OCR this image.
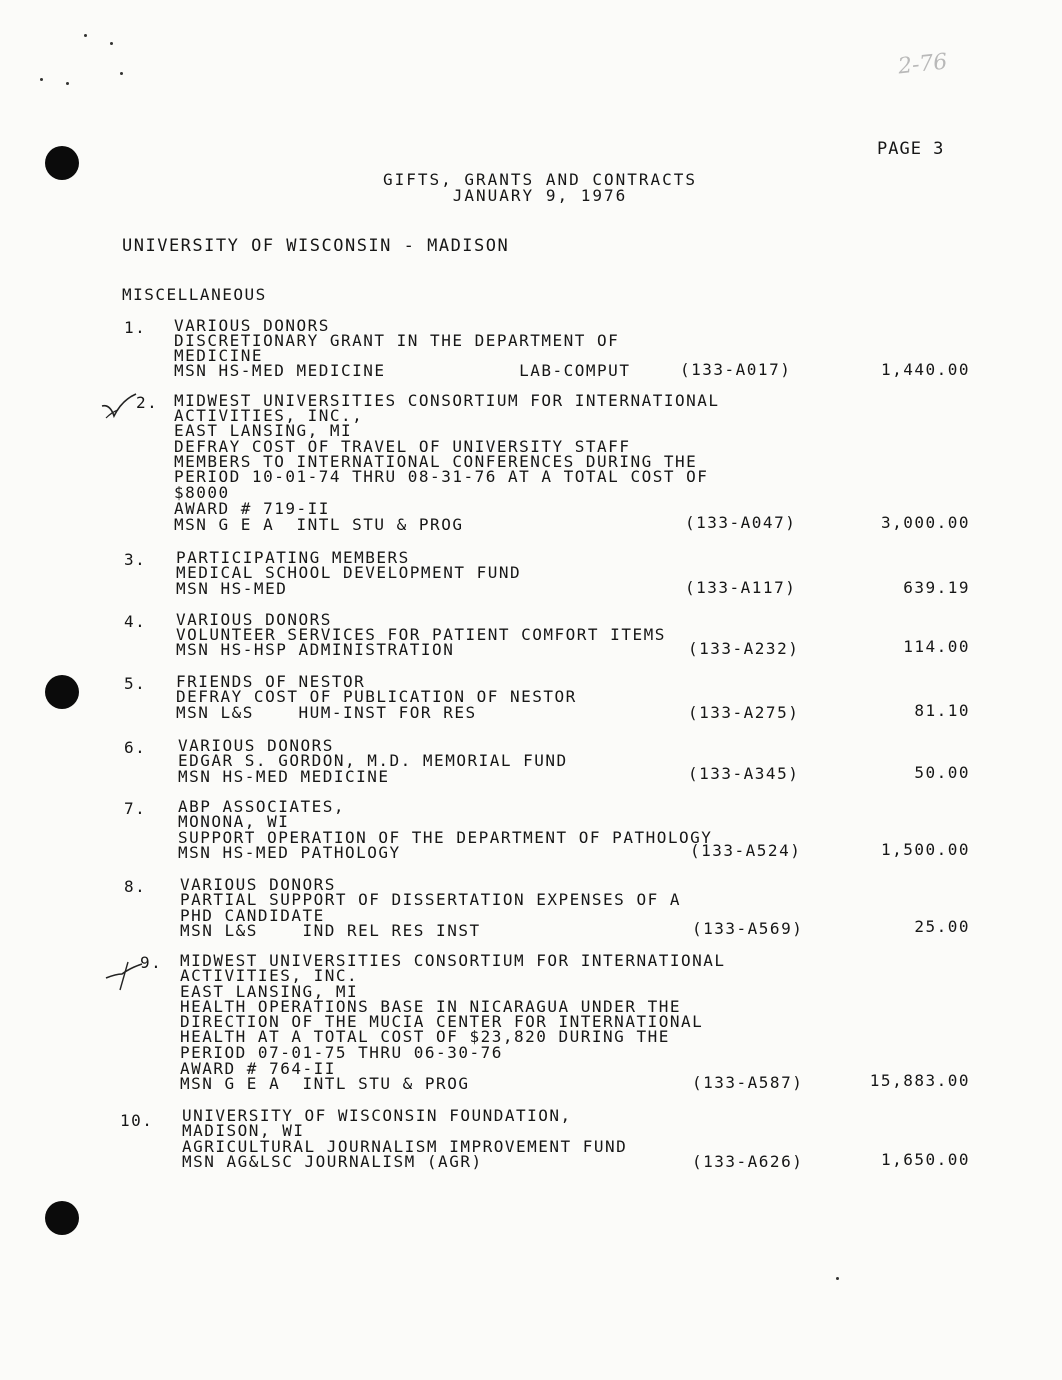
2-76
PAGE 3
GIFTS, GRANTS AND CONTRACTS
JANUARY 9, 1976
UNIVERSITY OF WISCONSIN - MADISON
MISCELLANEOUS
1. VARIOUS DONORS
DISCRETIONARY GRANT IN THE DEPARTMENT OF
MEDICINE
MSN HS-MED MEDICINE            LAB-COMPUT	(133-A017)	1,440.00
2. MIDWEST UNIVERSITIES CONSORTIUM FOR INTERNATIONAL
ACTIVITIES, INC.,
EAST LANSING, MI
DEFRAY COST OF TRAVEL OF UNIVERSITY STAFF
MEMBERS TO INTERNATIONAL CONFERENCES DURING THE
PERIOD 10-01-74 THRU 08-31-76 AT A TOTAL COST OF
$8000
AWARD # 719-II
MSN G E A  INTL STU & PROG	(133-A047)	3,000.00
3. PARTICIPATING MEMBERS
MEDICAL SCHOOL DEVELOPMENT FUND
MSN HS-MED	(133-A117)	639.19
4. VARIOUS DONORS
VOLUNTEER SERVICES FOR PATIENT COMFORT ITEMS
MSN HS-HSP ADMINISTRATION	(133-A232)	114.00
5. FRIENDS OF NESTOR
DEFRAY COST OF PUBLICATION OF NESTOR
MSN L&S    HUM-INST FOR RES	(133-A275)	81.10
6. VARIOUS DONORS
EDGAR S. GORDON, M.D. MEMORIAL FUND
MSN HS-MED MEDICINE	(133-A345)	50.00
7. ABP ASSOCIATES,
MONONA, WI
SUPPORT OPERATION OF THE DEPARTMENT OF PATHOLOGY
MSN HS-MED PATHOLOGY	(133-A524)	1,500.00
8. VARIOUS DONORS
PARTIAL SUPPORT OF DISSERTATION EXPENSES OF A
PHD CANDIDATE
MSN L&S    IND REL RES INST	(133-A569)	25.00
9. MIDWEST UNIVERSITIES CONSORTIUM FOR INTERNATIONAL
ACTIVITIES, INC.
EAST LANSING, MI
HEALTH OPERATIONS BASE IN NICARAGUA UNDER THE
DIRECTION OF THE MUCIA CENTER FOR INTERNATIONAL
HEALTH AT A TOTAL COST OF $23,820 DURING THE
PERIOD 07-01-75 THRU 06-30-76
AWARD # 764-II
MSN G E A  INTL STU & PROG	(133-A587)	15,883.00
10. UNIVERSITY OF WISCONSIN FOUNDATION,
MADISON, WI
AGRICULTURAL JOURNALISM IMPROVEMENT FUND
MSN AG&LSC JOURNALISM (AGR)	(133-A626)	1,650.00
